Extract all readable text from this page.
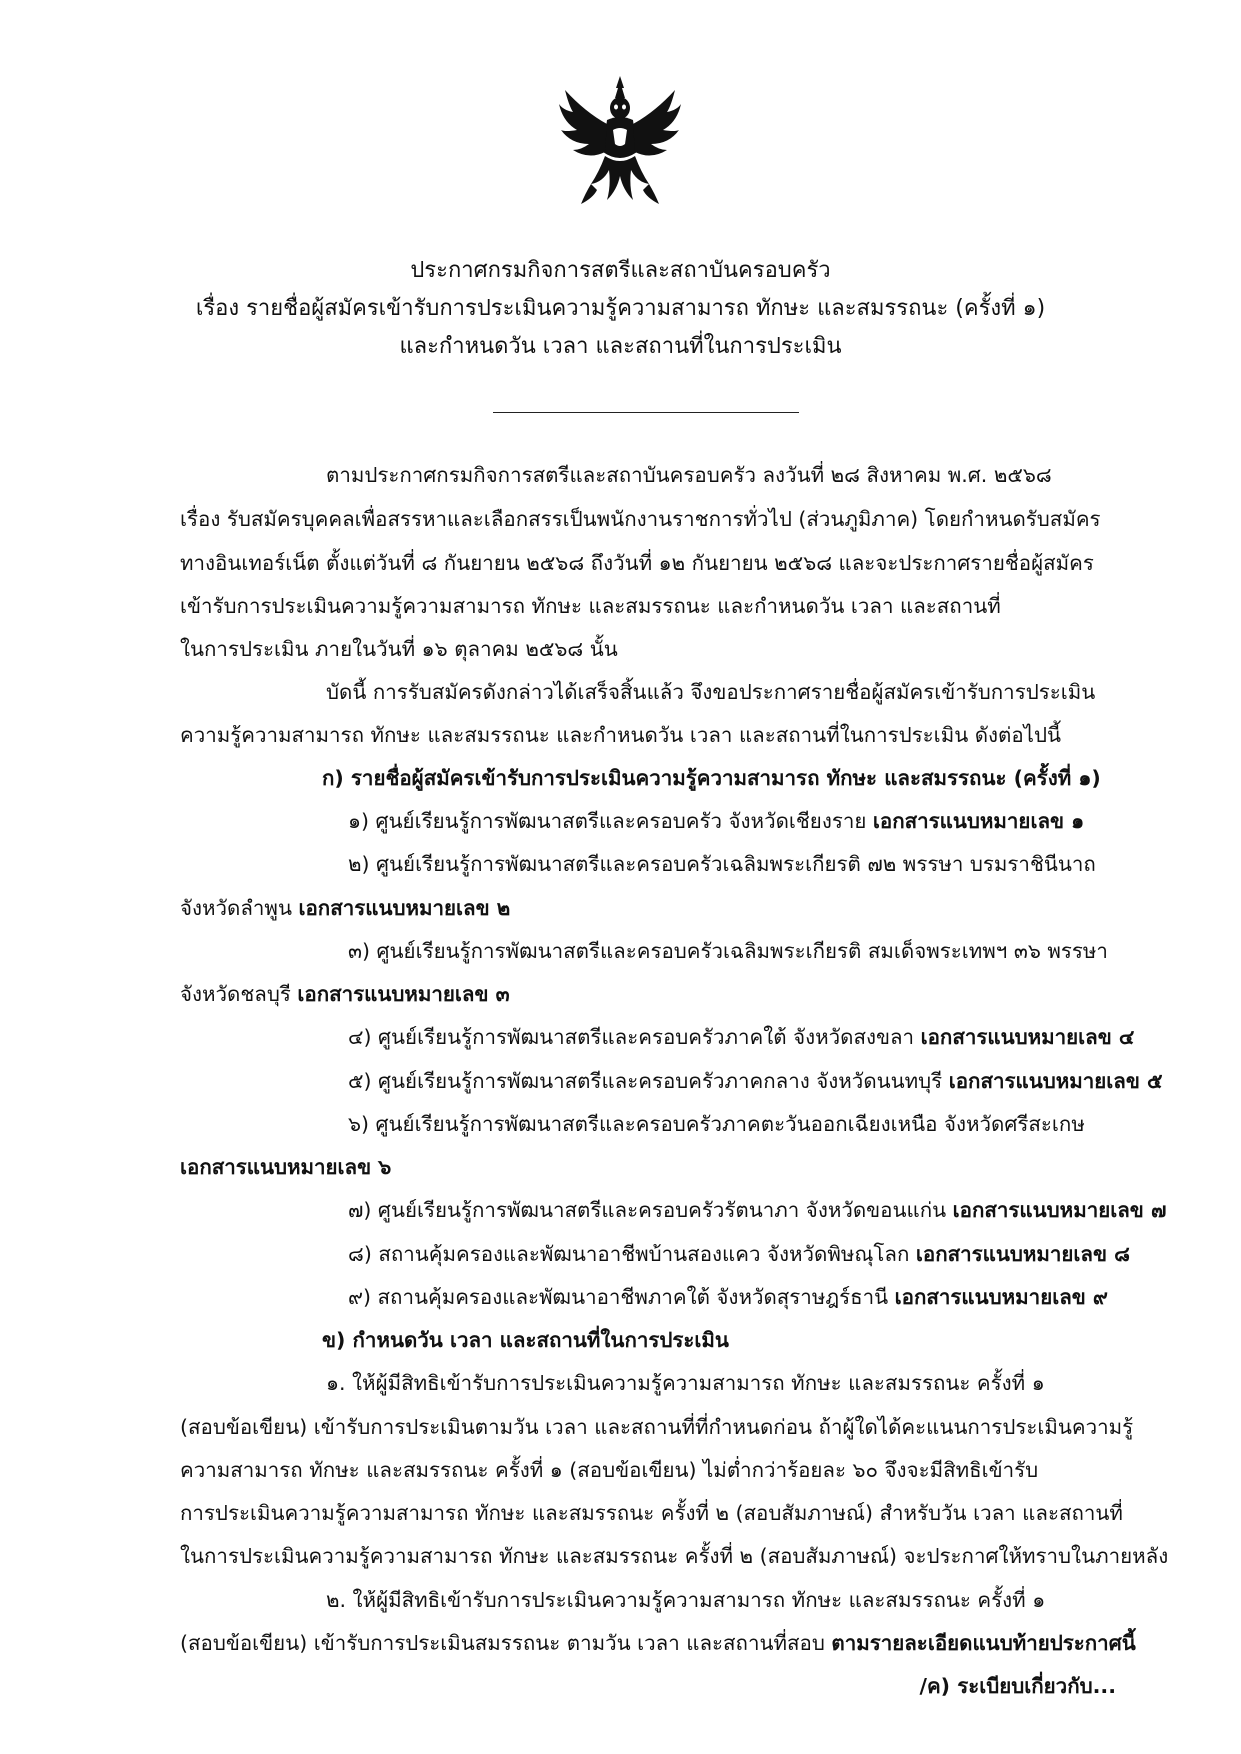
ประกาศกรมกิจการสตรีและสถาบันครอบครัว
เรื่อง รายชื่อผู้สมัครเข้ารับการประเมินความรู้ความสามารถ ทักษะ และสมรรถนะ (ครั้งที่ ๑)
และกำหนดวัน เวลา และสถานที่ในการประเมิน
ตามประกาศกรมกิจการสตรีและสถาบันครอบครัว ลงวันที่ ๒๘ สิงหาคม พ.ศ. ๒๕๖๘
เรื่อง รับสมัครบุคคลเพื่อสรรหาและเลือกสรรเป็นพนักงานราชการทั่วไป (ส่วนภูมิภาค) โดยกำหนดรับสมัคร
ทางอินเทอร์เน็ต ตั้งแต่วันที่ ๘ กันยายน ๒๕๖๘ ถึงวันที่ ๑๒ กันยายน ๒๕๖๘ และจะประกาศรายชื่อผู้สมัคร
เข้ารับการประเมินความรู้ความสามารถ ทักษะ และสมรรถนะ และกำหนดวัน เวลา และสถานที่
ในการประเมิน ภายในวันที่ ๑๖ ตุลาคม ๒๕๖๘ นั้น
บัดนี้ การรับสมัครดังกล่าวได้เสร็จสิ้นแล้ว จึงขอประกาศรายชื่อผู้สมัครเข้ารับการประเมิน
ความรู้ความสามารถ ทักษะ และสมรรถนะ และกำหนดวัน เวลา และสถานที่ในการประเมิน ดังต่อไปนี้
ก) รายชื่อผู้สมัครเข้ารับการประเมินความรู้ความสามารถ ทักษะ และสมรรถนะ (ครั้งที่ ๑)
๑) ศูนย์เรียนรู้การพัฒนาสตรีและครอบครัว จังหวัดเชียงราย เอกสารแนบหมายเลข ๑
๒) ศูนย์เรียนรู้การพัฒนาสตรีและครอบครัวเฉลิมพระเกียรติ ๗๒ พรรษา บรมราชินีนาถ
จังหวัดลำพูน เอกสารแนบหมายเลข ๒
๓) ศูนย์เรียนรู้การพัฒนาสตรีและครอบครัวเฉลิมพระเกียรติ สมเด็จพระเทพฯ ๓๖ พรรษา
จังหวัดชลบุรี เอกสารแนบหมายเลข ๓
๔) ศูนย์เรียนรู้การพัฒนาสตรีและครอบครัวภาคใต้ จังหวัดสงขลา เอกสารแนบหมายเลข ๔
๕) ศูนย์เรียนรู้การพัฒนาสตรีและครอบครัวภาคกลาง จังหวัดนนทบุรี เอกสารแนบหมายเลข ๕
๖) ศูนย์เรียนรู้การพัฒนาสตรีและครอบครัวภาคตะวันออกเฉียงเหนือ จังหวัดศรีสะเกษ
เอกสารแนบหมายเลข ๖
๗) ศูนย์เรียนรู้การพัฒนาสตรีและครอบครัวรัตนาภา จังหวัดขอนแก่น เอกสารแนบหมายเลข ๗
๘) สถานคุ้มครองและพัฒนาอาชีพบ้านสองแคว จังหวัดพิษณุโลก เอกสารแนบหมายเลข ๘
๙) สถานคุ้มครองและพัฒนาอาชีพภาคใต้ จังหวัดสุราษฎร์ธานี เอกสารแนบหมายเลข ๙
ข) กำหนดวัน เวลา และสถานที่ในการประเมิน
๑. ให้ผู้มีสิทธิเข้ารับการประเมินความรู้ความสามารถ ทักษะ และสมรรถนะ ครั้งที่ ๑
(สอบข้อเขียน) เข้ารับการประเมินตามวัน เวลา และสถานที่ที่กำหนดก่อน ถ้าผู้ใดได้คะแนนการประเมินความรู้
ความสามารถ ทักษะ และสมรรถนะ ครั้งที่ ๑ (สอบข้อเขียน) ไม่ต่ำกว่าร้อยละ ๖๐ จึงจะมีสิทธิเข้ารับ
การประเมินความรู้ความสามารถ ทักษะ และสมรรถนะ ครั้งที่ ๒ (สอบสัมภาษณ์) สำหรับวัน เวลา และสถานที่
ในการประเมินความรู้ความสามารถ ทักษะ และสมรรถนะ ครั้งที่ ๒ (สอบสัมภาษณ์) จะประกาศให้ทราบในภายหลัง
๒. ให้ผู้มีสิทธิเข้ารับการประเมินความรู้ความสามารถ ทักษะ และสมรรถนะ ครั้งที่ ๑
(สอบข้อเขียน) เข้ารับการประเมินสมรรถนะ ตามวัน เวลา และสถานที่สอบ ตามรายละเอียดแนบท้ายประกาศนี้
/ค) ระเบียบเกี่ยวกับ...
